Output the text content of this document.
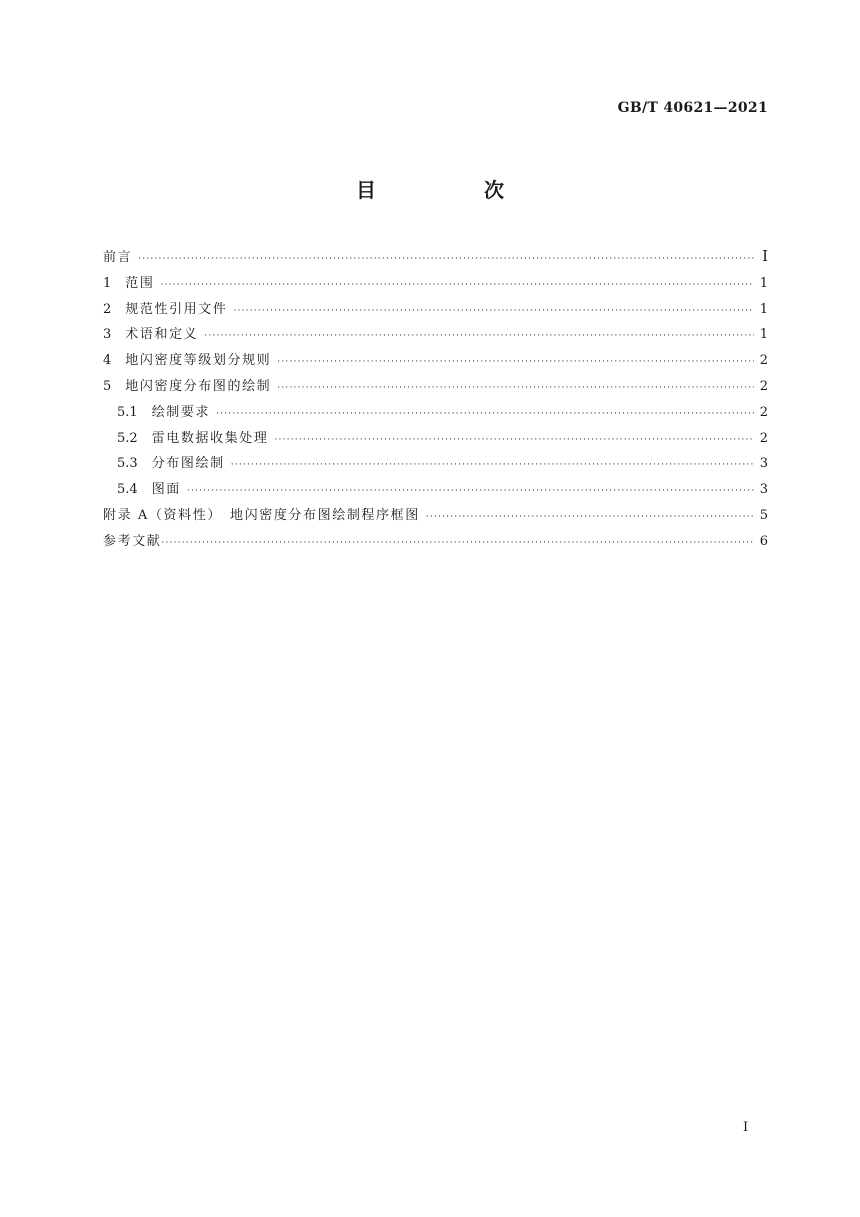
GB/T 40621—2021
目　次
前言 ·····	Ⅰ
1 范围 ·····	1
2 规范性引用文件 ·····	1
3 术语和定义 ·····	1
4 地闪密度等级划分规则 ·····	2
5 地闪密度分布图的绘制 ·····	2
5.1 绘制要求 ·····	2
5.2 雷电数据收集处理 ·····	2
5.3 分布图绘制 ·····	3
5.4 图面 ·····	3
附录 A（资料性）　地闪密度分布图绘制程序框图 ·····	5
参考文献 ·····	6
Ⅰ
